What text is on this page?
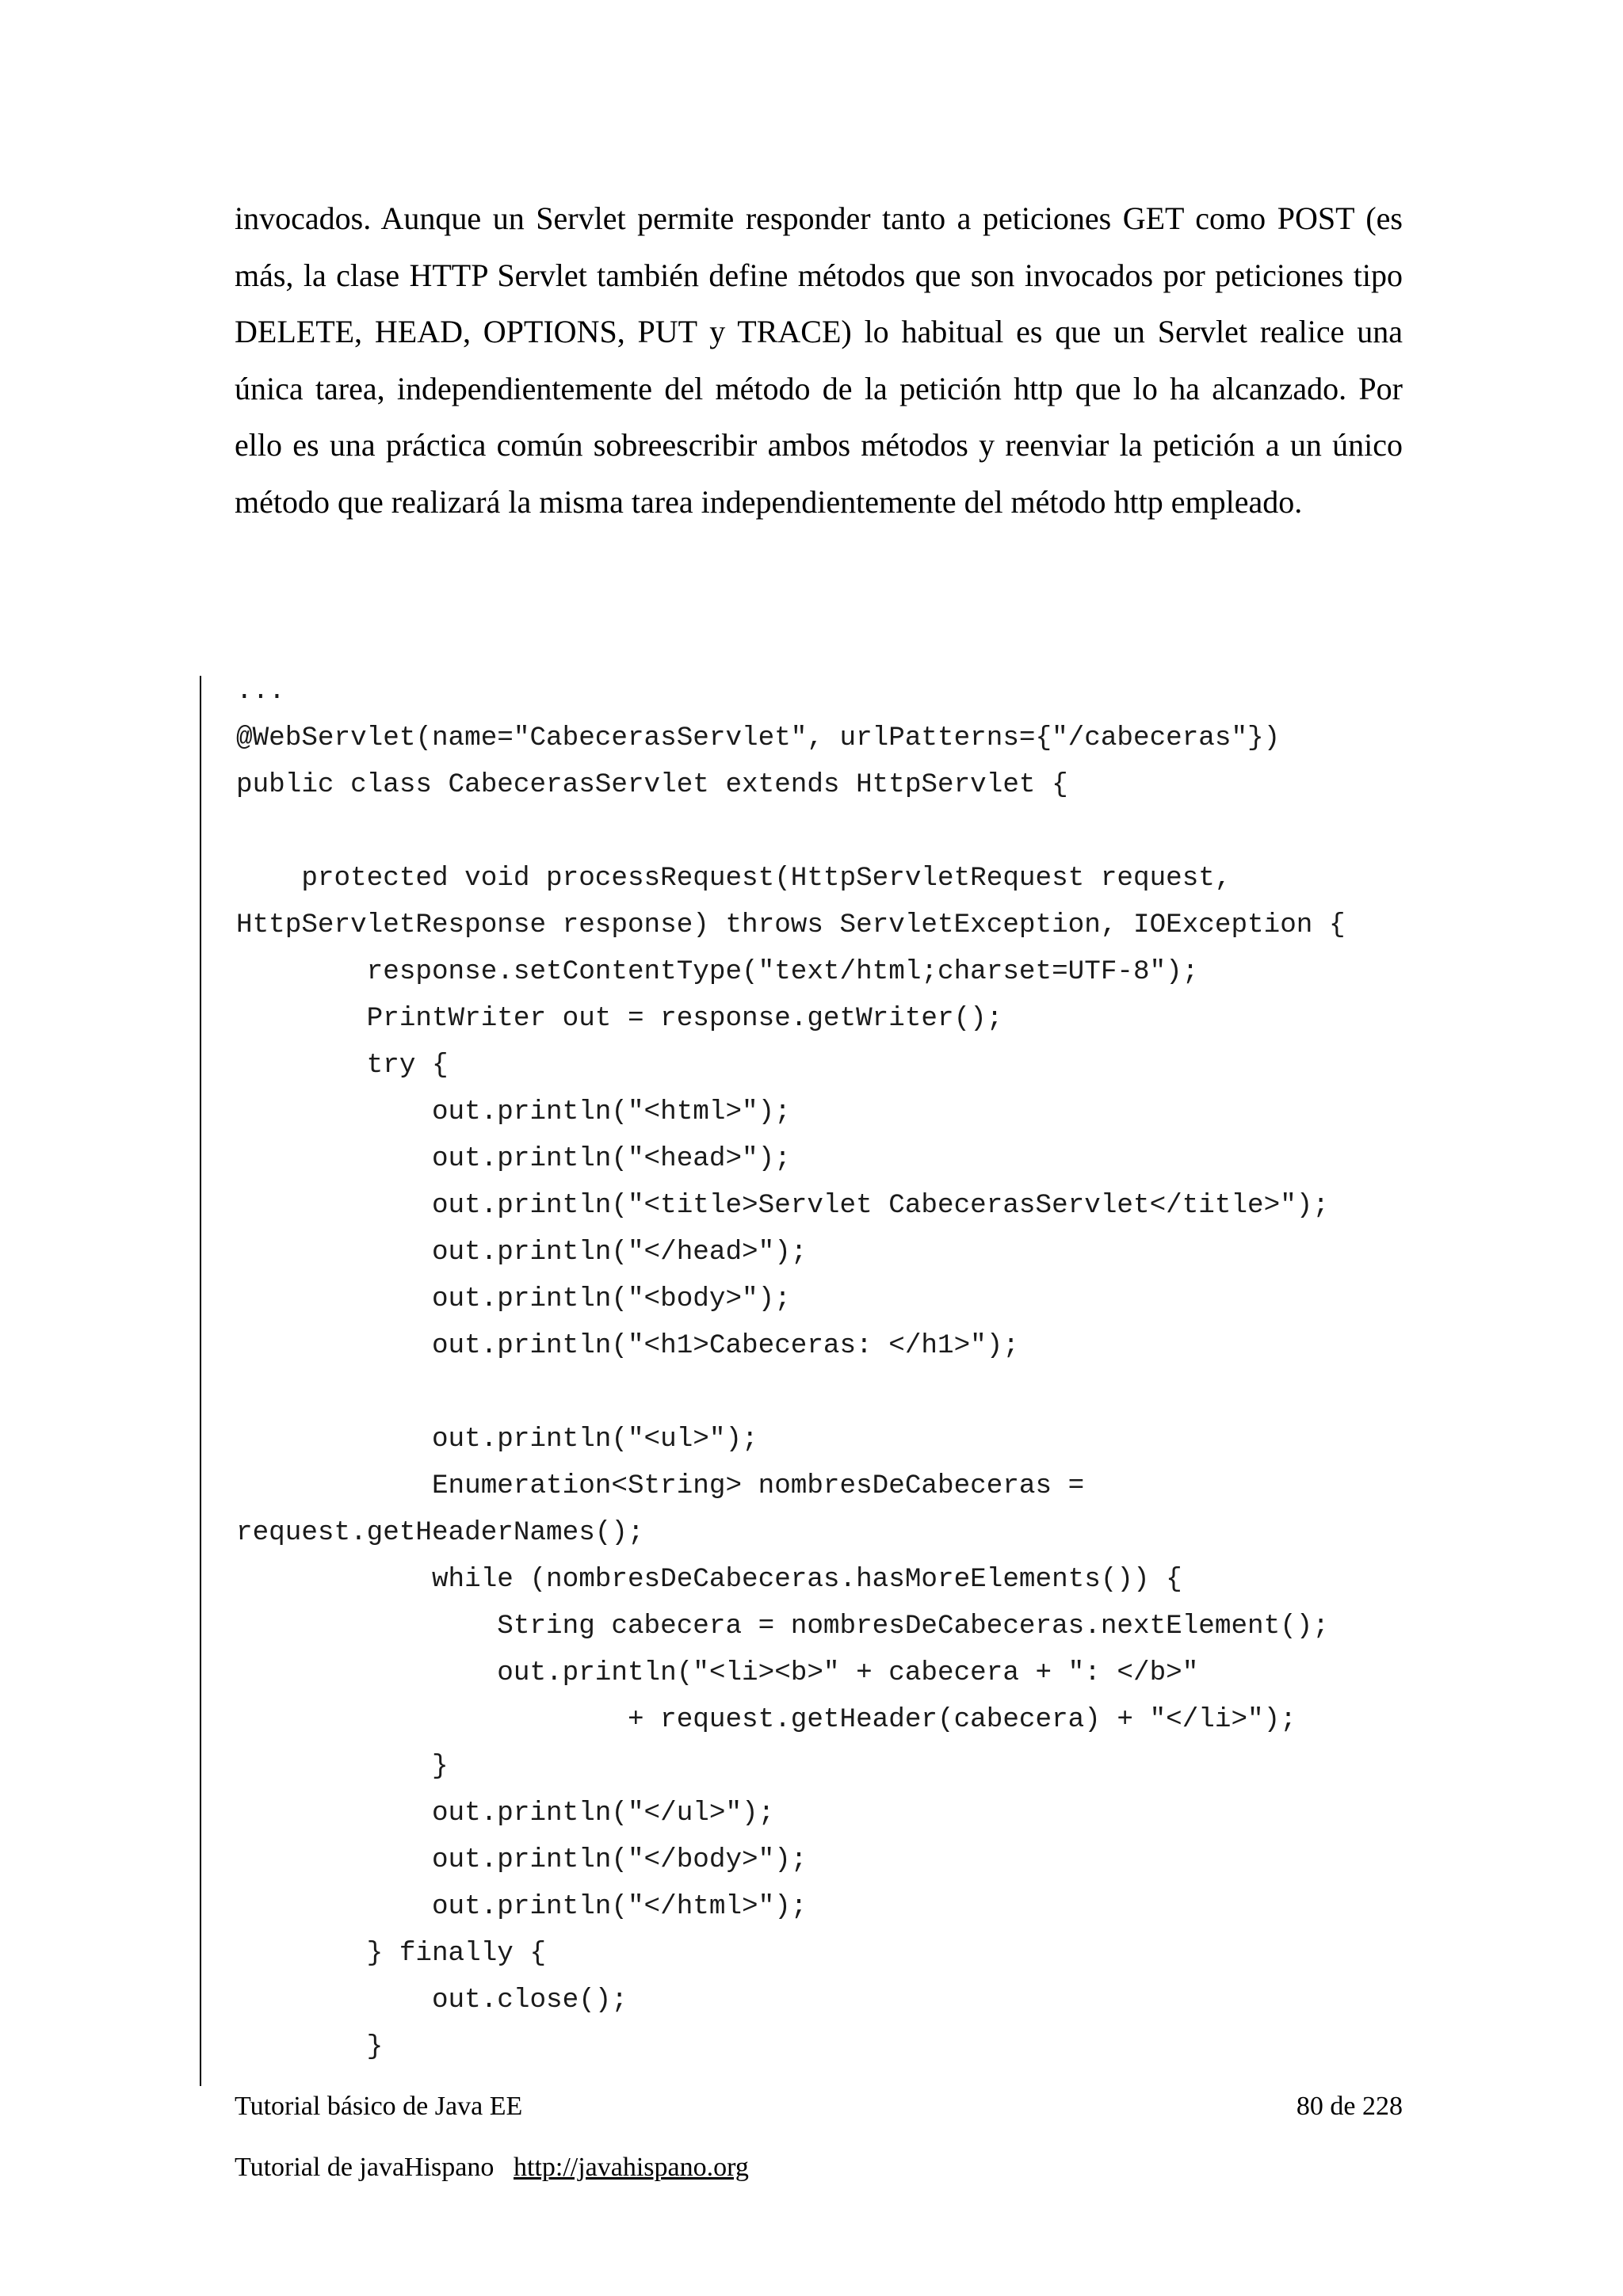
invocados. Aunque un Servlet permite responder tanto a peticiones GET como POST (es más, la clase HTTP Servlet también define métodos que son invocados por peticiones tipo DELETE, HEAD, OPTIONS, PUT y TRACE) lo habitual es que un Servlet realice una única tarea, independientemente del método de la petición http que lo ha alcanzado. Por ello es una práctica común sobreescribir ambos métodos y reenviar la petición a un único método que realizará la misma tarea independientemente del método http empleado.

...
@WebServlet(name="CabecerasServlet", urlPatterns={"/cabeceras"})
public class CabecerasServlet extends HttpServlet {
protected void processRequest(HttpServletRequest request,
HttpServletResponse response) throws ServletException, IOException {
response.setContentType("text/html;charset=UTF-8");
PrintWriter out = response.getWriter();
try {
out.println("<html>");
out.println("<head>");
out.println("<title>Servlet CabecerasServlet</title>");
out.println("</head>");
out.println("<body>");
out.println("<h1>Cabeceras: </h1>");
out.println("<ul>");
Enumeration<String> nombresDeCabeceras =
request.getHeaderNames();
while (nombresDeCabeceras.hasMoreElements()) {
String cabecera = nombresDeCabeceras.nextElement();
out.println("<li><b>" + cabecera + ": </b>"
+ request.getHeader(cabecera) + "</li>");
}
out.println("</ul>");
out.println("</body>");
out.println("</html>");
} finally {
out.close();
}
Tutorial básico de Java EE	80 de 228
Tutorial de javaHispano http://javahispano.org
